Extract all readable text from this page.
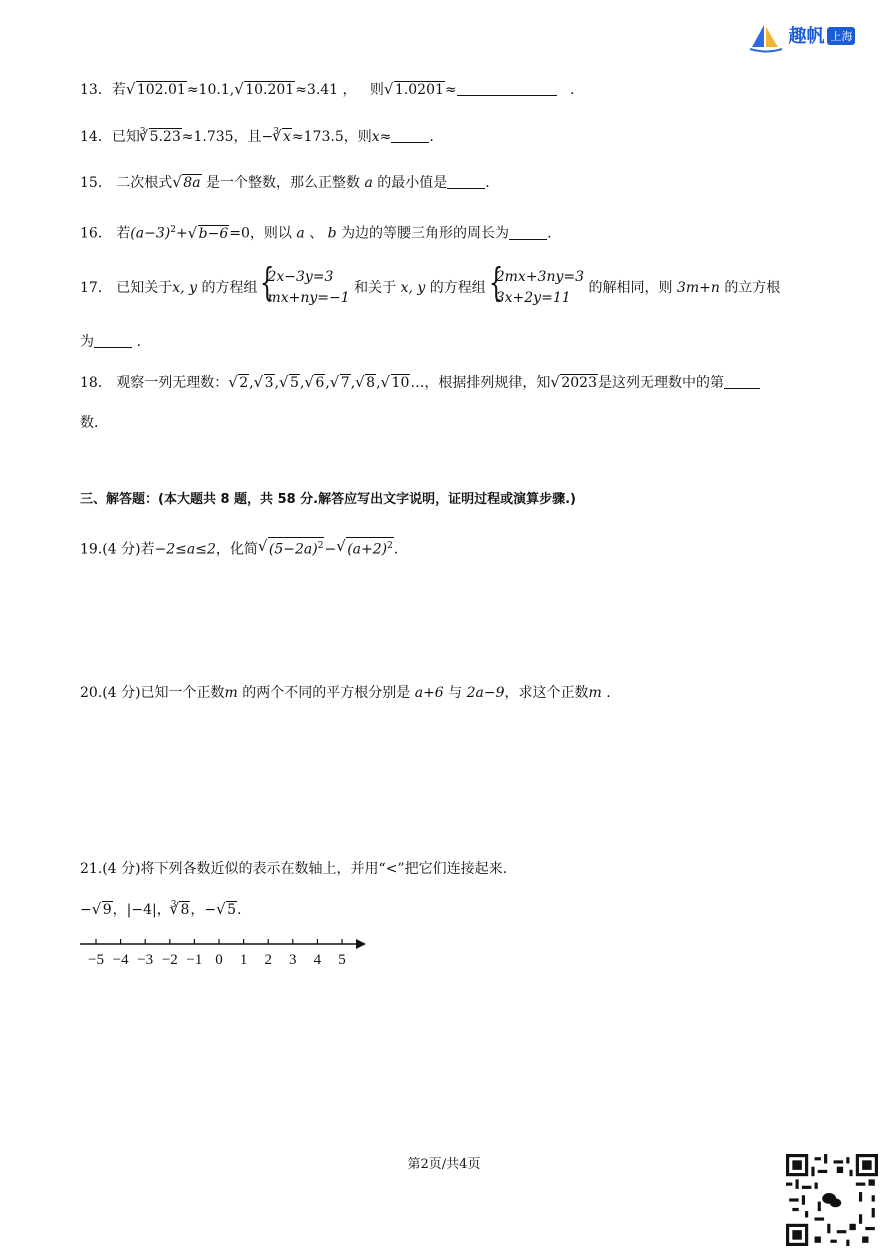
趣帆 上海
13．若√ 102.01≈10.1,√ 10.201≈3.41 ， 则√ 1.0201≈	.
14．已知$^3$√ 5.23≈1.735，且−$^3$√ x≈173.5，则x≈	.
15． 二次根式√ 8a 是一个整数，那么正整数 a 的最小值是	.
16． 若$(a-3)^2+√$ b−6=0，则以 a 、 b 为边的等腰三角形的周长为	.
17． 已知关于x, y 的方程组
{ 2x−3y=3
mx+ny=−1
和关于 x, y 的方程组
{ 2mx+3ny=3
3x+2y=11
的解相同，则 3m+n 的立方根
为	.
18． 观察一列无理数：√ 2,√ 3,√ 5,√ 6,√ 7,√ 8,√ 10…，根据排列规律，知√ 2023是这列无理数中的第
数.
三、解答题：(本大题共 8 题，共 58 分.解答应写出文字说明，证明过程或演算步骤.)
19.(4 分)若−2≤a≤2，化简√ $(5-2a)^2-√$ $(a+2)^2$.
20.(4 分)已知一个正数m 的两个不同的平方根分别是 a+6 与 2a−9，求这个正数m .
21.(4 分)将下列各数近似的表示在数轴上，并用“<”把它们连接起来.
−√ 9，|−4|，$^3$√ 8，−√ 5.
−5 −4 −3 −2 −1 0 1 2 3 4 5
第2页/共4页
